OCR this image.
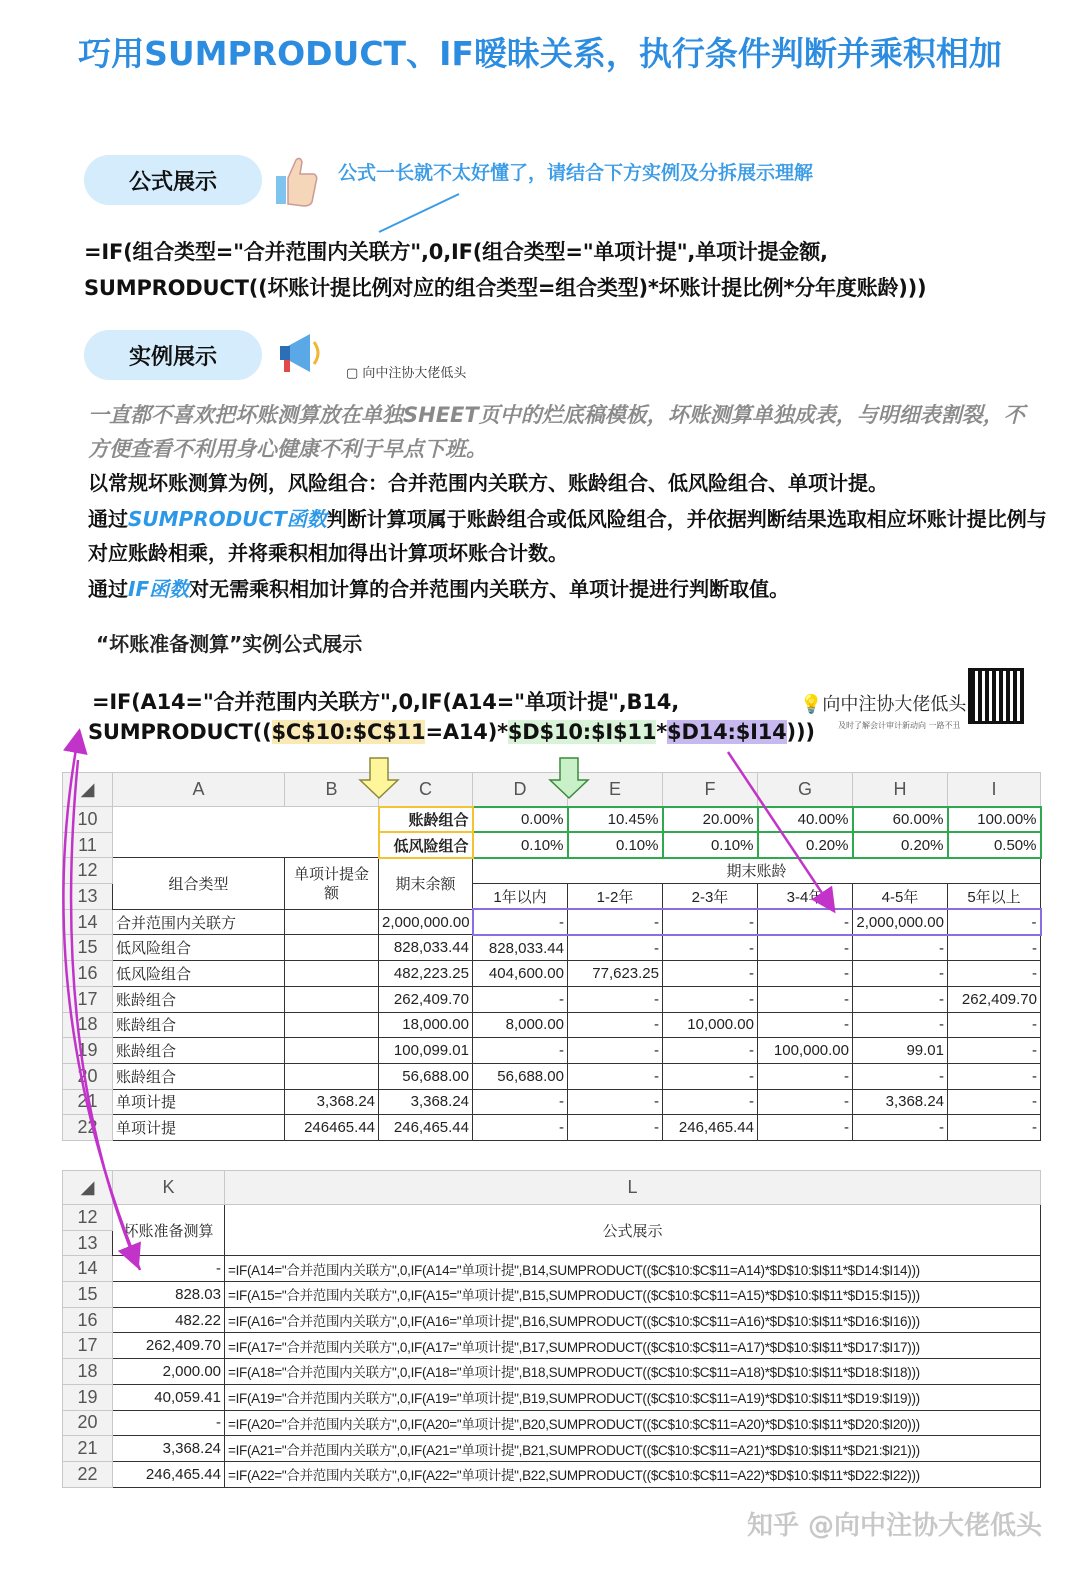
巧用SUMPRODUCT、IF暧昧关系，执行条件判断并乘积相加
公式展示	公式一长就不太好懂了，请结合下方实例及分拆展示理解
=IF(组合类型="合并范围内关联方",0,IF(组合类型="单项计提",单项计提金额,
SUMPRODUCT((坏账计提比例对应的组合类型=组合类型)*坏账计提比例*分年度账龄)))
实例展示
▢ 向中注协大佬低头
一直都不喜欢把坏账测算放在单独SHEET页中的烂底稿模板，坏账测算单独成表，与明细表割裂，不方便查看不利用身心健康不利于早点下班。
以常规坏账测算为例，风险组合：合并范围内关联方、账龄组合、低风险组合、单项计提。
通过SUMPRODUCT函数判断计算项属于账龄组合或低风险组合，并依据判断结果选取相应坏账计提比例与对应账龄相乘，并将乘积相加得出计算项坏账合计数。
通过IF函数对无需乘积相加计算的合并范围内关联方、单项计提进行判断取值。
“坏账准备测算”实例公式展示
=IF(A14="合并范围内关联方",0,IF(A14="单项计提",B14,
SUMPRODUCT(($C$10:$C$11=A14)*$D$10:$I$11*$D14:$I14)))
💡向中注协大佬低头
及时了解会计审计新动向 一路不丑
◢	A	B	C	D	E	F	G	H	I
10			账龄组合	0.00%	10.45%	20.00%	40.00%	60.00%	100.00%
11			低风险组合	0.10%	0.10%	0.10%	0.20%	0.20%	0.50%
12	组合类型	单项计提金额	期末余额	期末账龄					
13				1年以内	1-2年	2-3年	3-4年	4-5年	5年以上
14	合并范围内关联方		2,000,000.00	-	-	-	-	2,000,000.00	-
15	低风险组合		828,033.44	828,033.44	-	-	-	-	-
16	低风险组合		482,223.25	404,600.00	77,623.25	-	-	-	-
17	账龄组合		262,409.70	-	-	-	-	-	262,409.70
18	账龄组合		18,000.00	8,000.00	-	10,000.00	-	-	-
19	账龄组合		100,099.01	-	-	-	100,000.00	99.01	-
20	账龄组合		56,688.00	56,688.00	-	-	-	-	-
21	单项计提	3,368.24	3,368.24	-	-	-	-	3,368.24	-
22	单项计提	246465.44	246,465.44	-	-	246,465.44	-	-	-
◢	K	L
12	坏账准备测算	公式展示
13		
14	-	=IF(A14="合并范围内关联方",0,IF(A14="单项计提",B14,SUMPRODUCT(($C$10:$C$11=A14)*$D$10:$I$11*$D14:$I14)))
15	828.03	=IF(A15="合并范围内关联方",0,IF(A15="单项计提",B15,SUMPRODUCT(($C$10:$C$11=A15)*$D$10:$I$11*$D15:$I15)))
16	482.22	=IF(A16="合并范围内关联方",0,IF(A16="单项计提",B16,SUMPRODUCT(($C$10:$C$11=A16)*$D$10:$I$11*$D16:$I16)))
17	262,409.70	=IF(A17="合并范围内关联方",0,IF(A17="单项计提",B17,SUMPRODUCT(($C$10:$C$11=A17)*$D$10:$I$11*$D17:$I17)))
18	2,000.00	=IF(A18="合并范围内关联方",0,IF(A18="单项计提",B18,SUMPRODUCT(($C$10:$C$11=A18)*$D$10:$I$11*$D18:$I18)))
19	40,059.41	=IF(A19="合并范围内关联方",0,IF(A19="单项计提",B19,SUMPRODUCT(($C$10:$C$11=A19)*$D$10:$I$11*$D19:$I19)))
20	-	=IF(A20="合并范围内关联方",0,IF(A20="单项计提",B20,SUMPRODUCT(($C$10:$C$11=A20)*$D$10:$I$11*$D20:$I20)))
21	3,368.24	=IF(A21="合并范围内关联方",0,IF(A21="单项计提",B21,SUMPRODUCT(($C$10:$C$11=A21)*$D$10:$I$11*$D21:$I21)))
22	246,465.44	=IF(A22="合并范围内关联方",0,IF(A22="单项计提",B22,SUMPRODUCT(($C$10:$C$11=A22)*$D$10:$I$11*$D22:$I22)))
知乎 @向中注协大佬低头
